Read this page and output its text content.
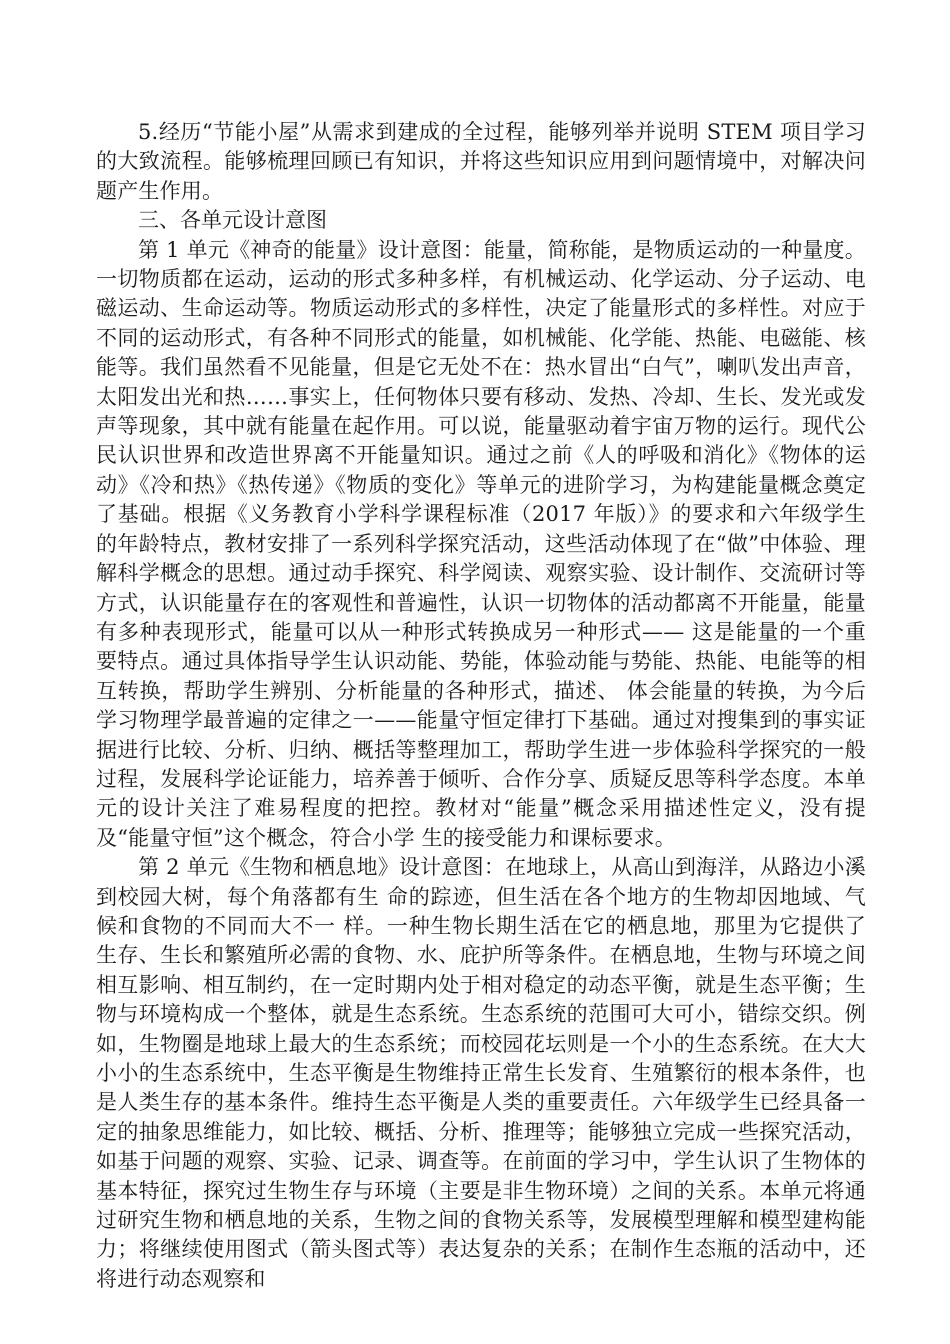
5.经历“节能小屋”从需求到建成的全过程，能够列举并说明 STEM 项目学习的大致流程。能够梳理回顾已有知识，并将这些知识应用到问题情境中，对解决问题产生作用。

三、各单元设计意图

第 1 单元《神奇的能量》设计意图：能量，简称能，是物质运动的一种量度。一切物质都在运动，运动的形式多种多样，有机械运动、化学运动、分子运动、电磁运动、生命运动等。物质运动形式的多样性，决定了能量形式的多样性。对应于不同的运动形式，有各种不同形式的能量，如机械能、化学能、热能、电磁能、核能等。我们虽然看不见能量，但是它无处不在：热水冒出“白气”，喇叭发出声音，太阳发出光和热……事实上，任何物体只要有移动、发热、冷却、生长、发光或发声等现象，其中就有能量在起作用。可以说，能量驱动着宇宙万物的运行。现代公民认识世界和改造世界离不开能量知识。通过之前《人的呼吸和消化》《物体的运动》《冷和热》《热传递》《物质的变化》等单元的进阶学习，为构建能量概念奠定了基础。根据《义务教育小学科学课程标准（2017 年版）》的要求和六年级学生的年龄特点，教材安排了一系列科学探究活动，这些活动体现了在“做”中体验、理解科学概念的思想。通过动手探究、科学阅读、观察实验、设计制作、交流研讨等方式，认识能量存在的客观性和普遍性，认识一切物体的活动都离不开能量，能量有多种表现形式，能量可以从一种形式转换成另一种形式—— 这是能量的一个重要特点。通过具体指导学生认识动能、势能，体验动能与势能、热能、电能等的相互转换，帮助学生辨别、分析能量的各种形式，描述、 体会能量的转换，为今后学习物理学最普遍的定律之一——能量守恒定律打下基础。通过对搜集到的事实证据进行比较、分析、归纳、概括等整理加工，帮助学生进一步体验科学探究的一般过程，发展科学论证能力，培养善于倾听、合作分享、质疑反思等科学态度。本单元的设计关注了难易程度的把控。教材对“能量”概念采用描述性定义，没有提及“能量守恒”这个概念，符合小学 生的接受能力和课标要求。

第 2 单元《生物和栖息地》设计意图：在地球上，从高山到海洋，从路边小溪到校园大树，每个角落都有生 命的踪迹，但生活在各个地方的生物却因地域、气候和食物的不同而大不一 样。一种生物长期生活在它的栖息地，那里为它提供了生存、生长和繁殖所必需的食物、水、庇护所等条件。在栖息地，生物与环境之间相互影响、相互制约，在一定时期内处于相对稳定的动态平衡，就是生态平衡；生物与环境构成一个整体，就是生态系统。生态系统的范围可大可小，错综交织。例如，生物圈是地球上最大的生态系统；而校园花坛则是一个小的生态系统。在大大小小的生态系统中，生态平衡是生物维持正常生长发育、生殖繁衍的根本条件，也是人类生存的基本条件。维持生态平衡是人类的重要责任。六年级学生已经具备一定的抽象思维能力，如比较、概括、分析、推理等；能够独立完成一些探究活动，如基于问题的观察、实验、记录、调查等。在前面的学习中，学生认识了生物体的基本特征，探究过生物生存与环境（主要是非生物环境）之间的关系。本单元将通过研究生物和栖息地的关系，生物之间的食物关系等，发展模型理解和模型建构能力；将继续使用图式（箭头图式等）表达复杂的关系；在制作生态瓶的活动中，还将进行动态观察和
